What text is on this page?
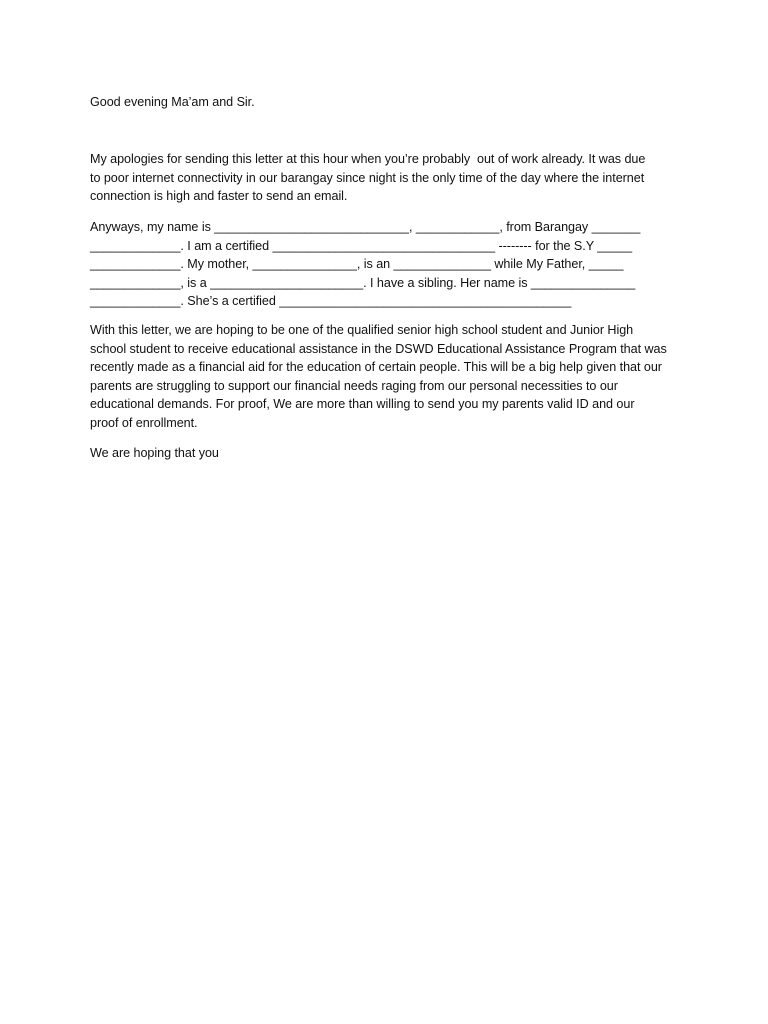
Good evening Ma’am and Sir.
My apologies for sending this letter at this hour when you’re probably  out of work already. It was due
to poor internet connectivity in our barangay since night is the only time of the day where the internet
connection is high and faster to send an email.
Anyways, my name is ____________________________, ____________, from Barangay _______
_____________. I am a certified ________________________________ -------- for the S.Y _____
_____________. My mother, _______________, is an ______________ while My Father, _____
_____________, is a ______________________. I have a sibling. Her name is _______________
_____________. She’s a certified __________________________________________
With this letter, we are hoping to be one of the qualified senior high school student and Junior High
school student to receive educational assistance in the DSWD Educational Assistance Program that was
recently made as a financial aid for the education of certain people. This will be a big help given that our
parents are struggling to support our financial needs raging from our personal necessities to our
educational demands. For proof, We are more than willing to send you my parents valid ID and our
proof of enrollment.
We are hoping that you
